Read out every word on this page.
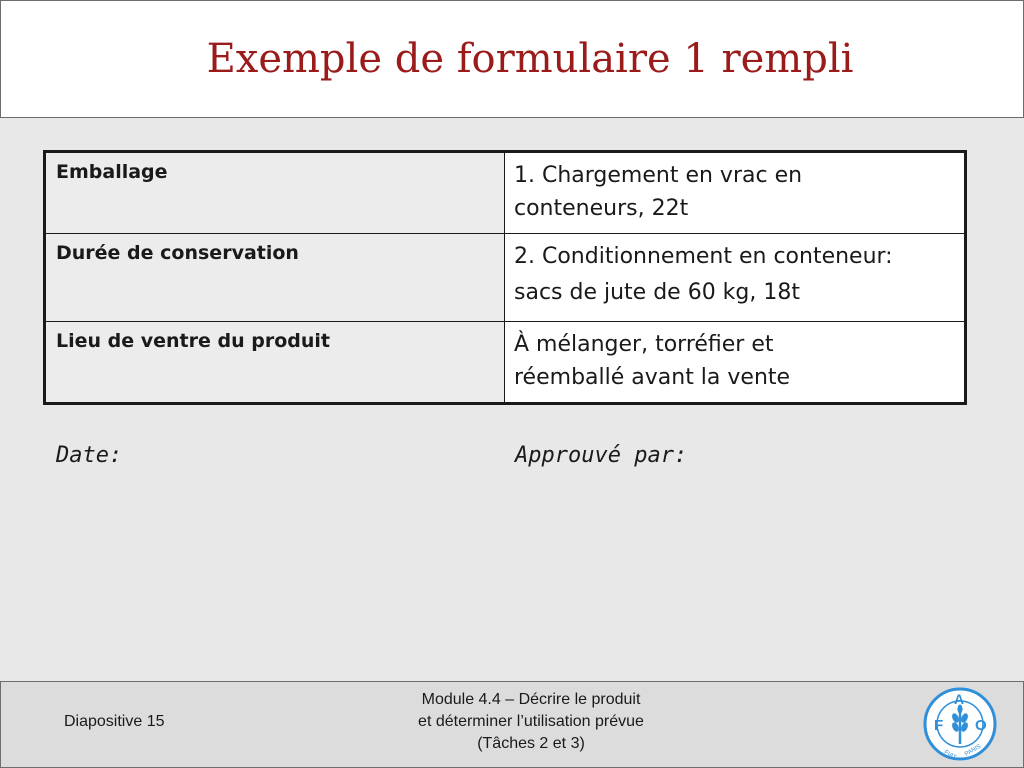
Exemple de formulaire 1 rempli
Emballage	1. Chargement en vrac en
conteneurs, 22t

Durée de conservation	2. Conditionnement en conteneur:
sacs de jute de 60 kg, 18t

Lieu de ventre du produit	À mélanger, torréfier et
réemballé avant la vente
Date:	Approuvé par:
Diapositive 15
Module 4.4 – Décrire le produit
et déterminer l’utilisation prévue
(Tâches 2 et 3)
F
A
O
FIAT PANIS
